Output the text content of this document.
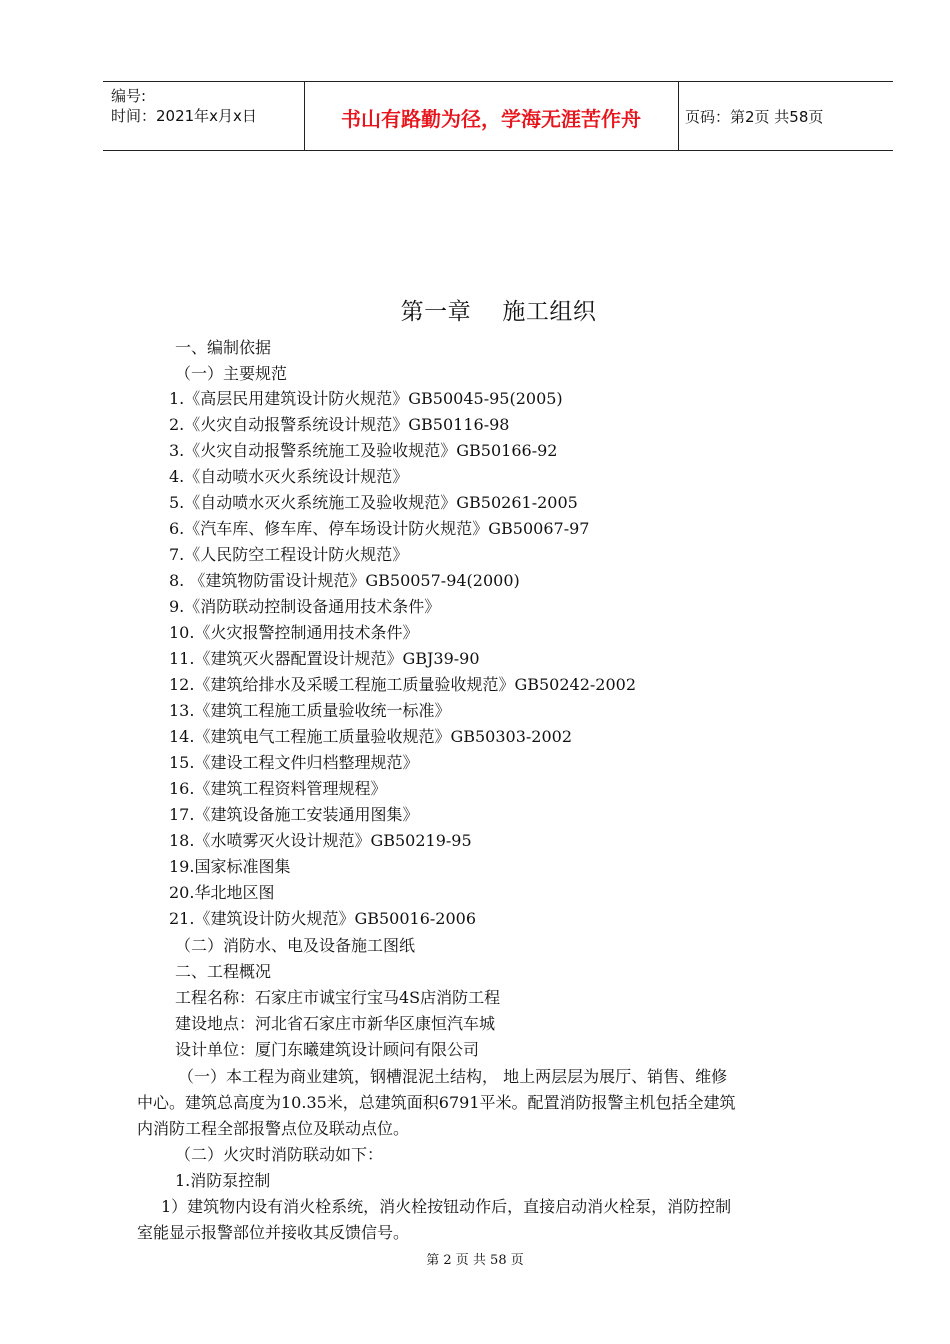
编号:
时间：2021年x月x日	书山有路勤为径，学海无涯苦作舟	页码：第2页 共58页
第一章    施工组织
一、编制依据
（一）主要规范
1.《高层民用建筑设计防火规范》GB50045-95(2005)
2.《火灾自动报警系统设计规范》GB50116-98
3.《火灾自动报警系统施工及验收规范》GB50166-92
4.《自动喷水灭火系统设计规范》
5.《自动喷水灭火系统施工及验收规范》GB50261-2005
6.《汽车库、修车库、停车场设计防火规范》GB50067-97
7.《人民防空工程设计防火规范》
8. 《建筑物防雷设计规范》GB50057-94(2000)
9.《消防联动控制设备通用技术条件》
10.《火灾报警控制通用技术条件》
11.《建筑灭火器配置设计规范》GBJ39-90
12.《建筑给排水及采暖工程施工质量验收规范》GB50242-2002
13.《建筑工程施工质量验收统一标准》
14.《建筑电气工程施工质量验收规范》GB50303-2002
15.《建设工程文件归档整理规范》
16.《建筑工程资料管理规程》
17.《建筑设备施工安装通用图集》
18.《水喷雾灭火设计规范》GB50219-95
19.国家标准图集
20.华北地区图
21.《建筑设计防火规范》GB50016-2006
（二）消防水、电及设备施工图纸
二、工程概况
工程名称：石家庄市诚宝行宝马4S店消防工程
建设地点：河北省石家庄市新华区康恒汽车城
设计单位：厦门东曦建筑设计顾问有限公司
（一）本工程为商业建筑，钢槽混泥土结构， 地上两层层为展厅、销售、维修
中心。建筑总高度为10.35米，总建筑面积6791平米。配置消防报警主机包括全建筑
内消防工程全部报警点位及联动点位。
（二）火灾时消防联动如下：
1.消防泵控制
1）建筑物内设有消火栓系统，消火栓按钮动作后，直接启动消火栓泵，消防控制
室能显示报警部位并接收其反馈信号。
第 2 页 共 58 页
